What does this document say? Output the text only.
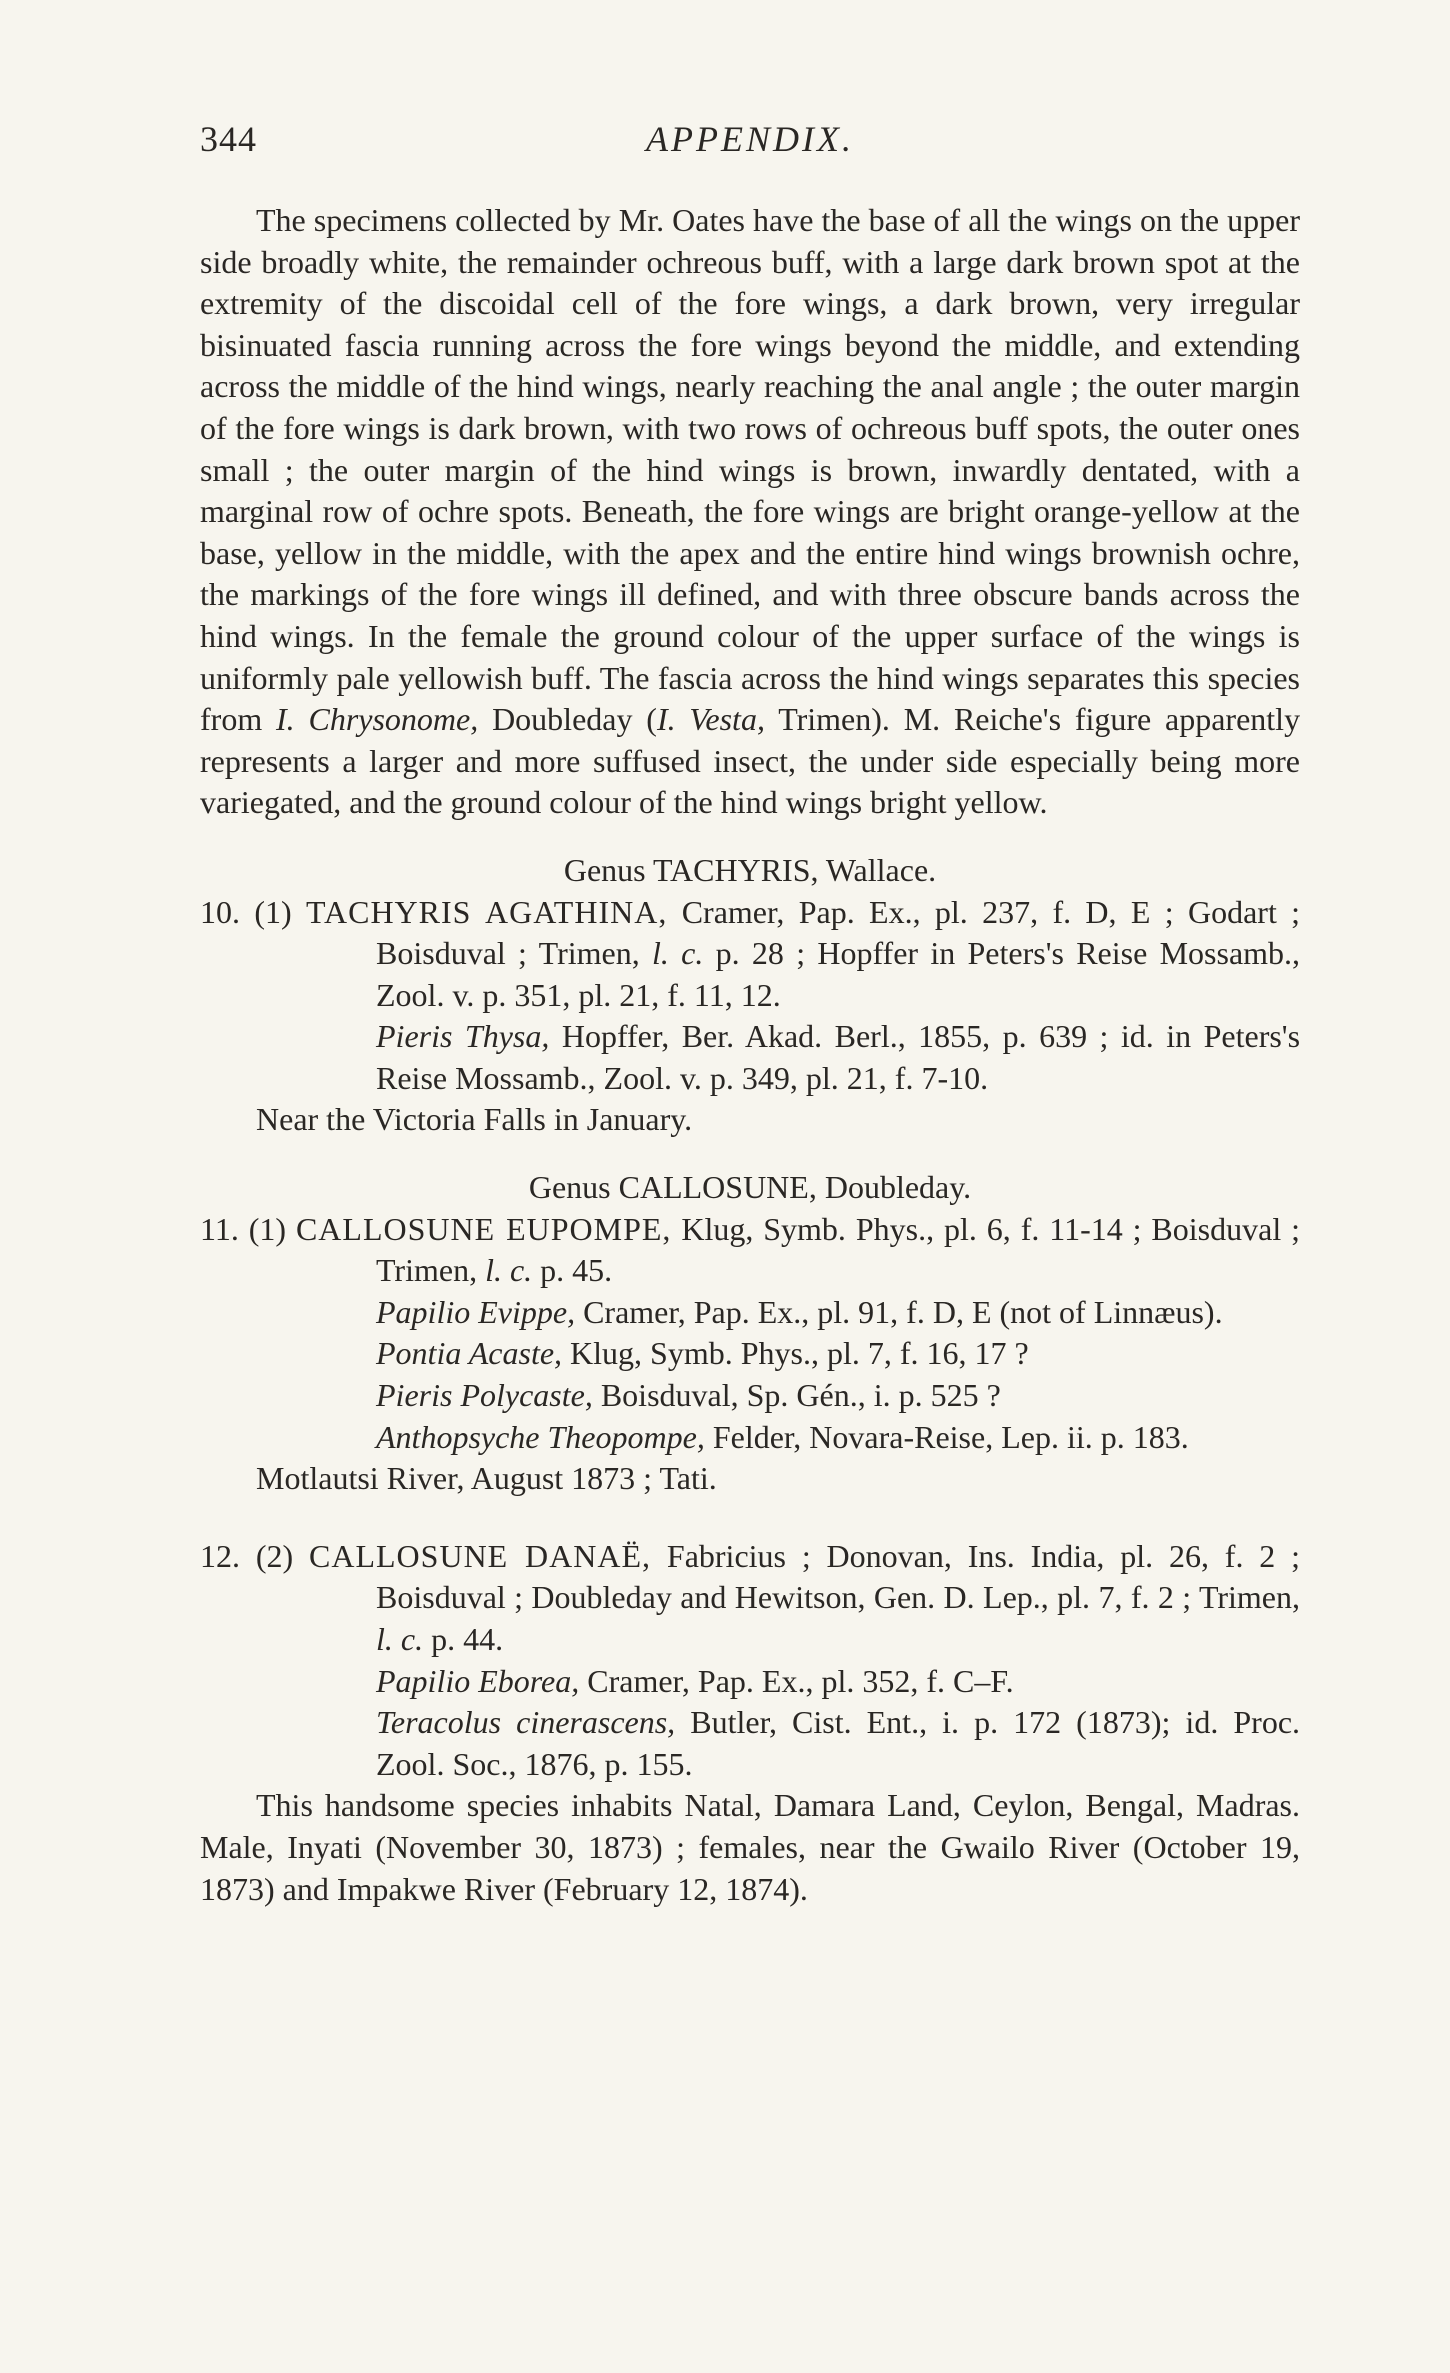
344	APPENDIX.

The specimens collected by Mr. Oates have the base of all the wings on the upper side broadly white, the remainder ochreous buff, with a large dark brown spot at the extremity of the discoidal cell of the fore wings, a dark brown, very irregular bisinuated fascia running across the fore wings beyond the middle, and extending across the middle of the hind wings, nearly reaching the anal angle ; the outer margin of the fore wings is dark brown, with two rows of ochreous buff spots, the outer ones small ; the outer margin of the hind wings is brown, inwardly dentated, with a marginal row of ochre spots. Beneath, the fore wings are bright orange-yellow at the base, yellow in the middle, with the apex and the entire hind wings brownish ochre, the markings of the fore wings ill defined, and with three obscure bands across the hind wings. In the female the ground colour of the upper surface of the wings is uniformly pale yellowish buff. The fascia across the hind wings separates this species from I. Chrysonome, Doubleday (I. Vesta, Trimen). M. Reiche's figure apparently represents a larger and more suffused insect, the under side especially being more variegated, and the ground colour of the hind wings bright yellow.

Genus TACHYRIS, Wallace.

10. (1) TACHYRIS AGATHINA, Cramer, Pap. Ex., pl. 237, f. D, E ; Godart ; Boisduval ; Trimen, l. c. p. 28 ; Hopffer in Peters's Reise Mossamb., Zool. v. p. 351, pl. 21, f. 11, 12.

Pieris Thysa, Hopffer, Ber. Akad. Berl., 1855, p. 639 ; id. in Peters's Reise Mossamb., Zool. v. p. 349, pl. 21, f. 7-10.

Near the Victoria Falls in January.

Genus CALLOSUNE, Doubleday.

11. (1) CALLOSUNE EUPOMPE, Klug, Symb. Phys., pl. 6, f. 11-14 ; Boisduval ; Trimen, l. c. p. 45.

Papilio Evippe, Cramer, Pap. Ex., pl. 91, f. D, E (not of Linnæus).

Pontia Acaste, Klug, Symb. Phys., pl. 7, f. 16, 17 ?

Pieris Polycaste, Boisduval, Sp. Gén., i. p. 525 ?

Anthopsyche Theopompe, Felder, Novara-Reise, Lep. ii. p. 183.

Motlautsi River, August 1873 ; Tati.

12. (2) CALLOSUNE DANAË, Fabricius ; Donovan, Ins. India, pl. 26, f. 2 ; Boisduval ; Doubleday and Hewitson, Gen. D. Lep., pl. 7, f. 2 ; Trimen, l. c. p. 44.

Papilio Eborea, Cramer, Pap. Ex., pl. 352, f. C–F.

Teracolus cinerascens, Butler, Cist. Ent., i. p. 172 (1873); id. Proc. Zool. Soc., 1876, p. 155.

This handsome species inhabits Natal, Damara Land, Ceylon, Bengal, Madras. Male, Inyati (November 30, 1873) ; females, near the Gwailo River (October 19, 1873) and Impakwe River (February 12, 1874).
